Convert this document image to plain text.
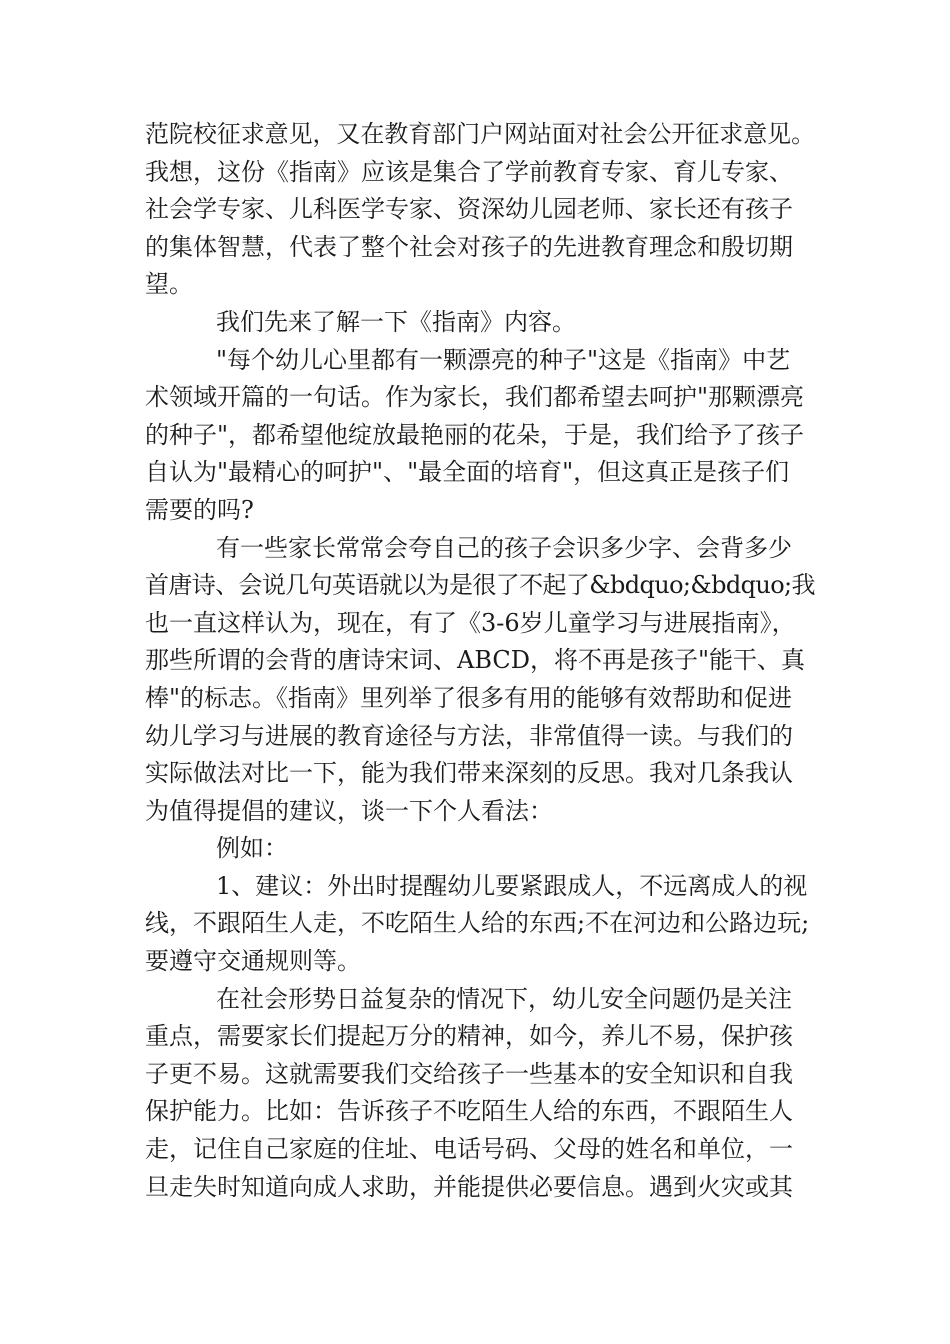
范院校征求意见，又在教育部门户网站面对社会公开征求意见。
我想，这份《指南》应该是集合了学前教育专家、育儿专家、
社会学专家、儿科医学专家、资深幼儿园老师、家长还有孩子
的集体智慧，代表了整个社会对孩子的先进教育理念和殷切期
望。
我们先来了解一下《指南》内容。
"每个幼儿心里都有一颗漂亮的种子"这是《指南》中艺
术领域开篇的一句话。作为家长，我们都希望去呵护"那颗漂亮
的种子"，都希望他绽放最艳丽的花朵，于是，我们给予了孩子
自认为"最精心的呵护"、"最全面的培育"，但这真正是孩子们
需要的吗?
有一些家长常常会夸自己的孩子会识多少字、会背多少
首唐诗、会说几句英语就以为是很了不起了&bdquo;&bdquo;我
也一直这样认为，现在，有了《3-6岁儿童学习与进展指南》，
那些所谓的会背的唐诗宋词、ABCD，将不再是孩子"能干、真
棒"的标志。《指南》里列举了很多有用的能够有效帮助和促进
幼儿学习与进展的教育途径与方法，非常值得一读。与我们的
实际做法对比一下，能为我们带来深刻的反思。我对几条我认
为值得提倡的建议，谈一下个人看法：
例如：
1、建议：外出时提醒幼儿要紧跟成人，不远离成人的视
线，不跟陌生人走，不吃陌生人给的东西;不在河边和公路边玩;
要遵守交通规则等。
在社会形势日益复杂的情况下，幼儿安全问题仍是关注
重点，需要家长们提起万分的精神，如今，养儿不易，保护孩
子更不易。这就需要我们交给孩子一些基本的安全知识和自我
保护能力。比如：告诉孩子不吃陌生人给的东西，不跟陌生人
走，记住自己家庭的住址、电话号码、父母的姓名和单位，一
旦走失时知道向成人求助，并能提供必要信息。遇到火灾或其
